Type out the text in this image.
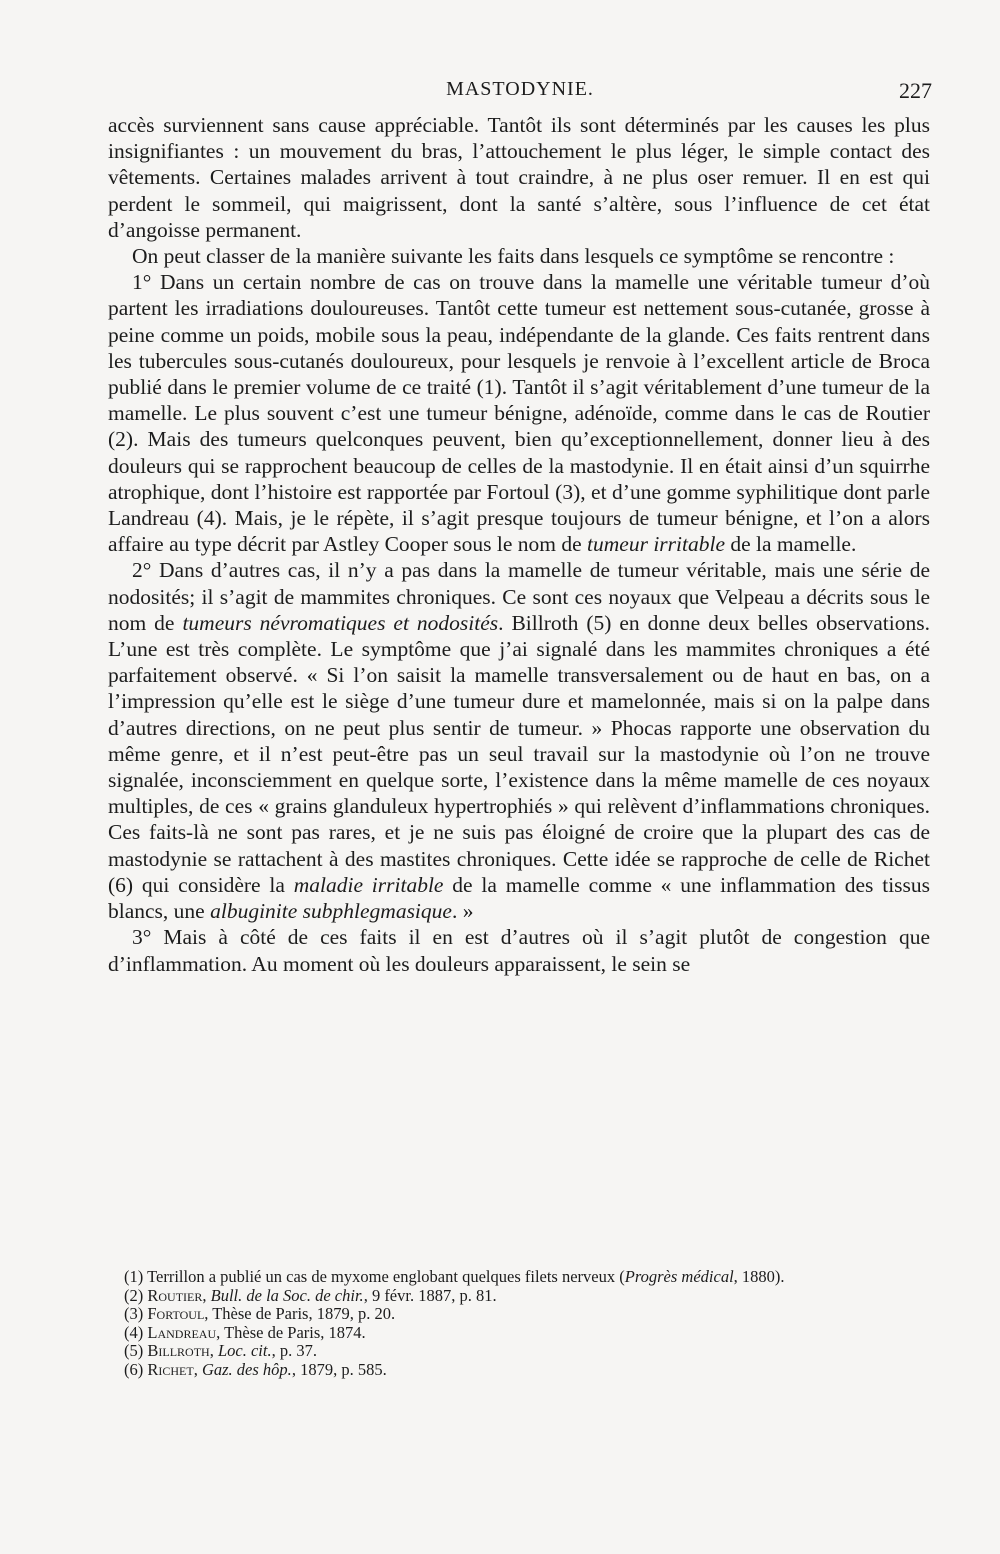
MASTODYNIE.	227

accès surviennent sans cause appréciable. Tantôt ils sont déterminés par les causes les plus insignifiantes : un mouvement du bras, l’attouchement le plus léger, le simple contact des vêtements. Certaines malades arrivent à tout craindre, à ne plus oser remuer. Il en est qui perdent le sommeil, qui maigrissent, dont la santé s’altère, sous l’influence de cet état d’angoisse permanent.

On peut classer de la manière suivante les faits dans lesquels ce symptôme se rencontre :

1° Dans un certain nombre de cas on trouve dans la mamelle une véritable tumeur d’où partent les irradiations douloureuses. Tantôt cette tumeur est nettement sous-cutanée, grosse à peine comme un poids, mobile sous la peau, indépendante de la glande. Ces faits rentrent dans les tubercules sous-cutanés douloureux, pour lesquels je renvoie à l’excellent article de Broca publié dans le premier volume de ce traité (1). Tantôt il s’agit véritablement d’une tumeur de la mamelle. Le plus souvent c’est une tumeur bénigne, adénoïde, comme dans le cas de Routier (2). Mais des tumeurs quelconques peuvent, bien qu’exceptionnellement, donner lieu à des douleurs qui se rapprochent beaucoup de celles de la mastodynie. Il en était ainsi d’un squirrhe atrophique, dont l’histoire est rapportée par Fortoul (3), et d’une gomme syphilitique dont parle Landreau (4). Mais, je le répète, il s’agit presque toujours de tumeur bénigne, et l’on a alors affaire au type décrit par Astley Cooper sous le nom de tumeur irritable de la mamelle.

2° Dans d’autres cas, il n’y a pas dans la mamelle de tumeur véritable, mais une série de nodosités; il s’agit de mammites chroniques. Ce sont ces noyaux que Velpeau a décrits sous le nom de tumeurs névromatiques et nodosités. Billroth (5) en donne deux belles observations. L’une est très complète. Le symptôme que j’ai signalé dans les mammites chroniques a été parfaitement observé. « Si l’on saisit la mamelle transversalement ou de haut en bas, on a l’impression qu’elle est le siège d’une tumeur dure et mamelonnée, mais si on la palpe dans d’autres directions, on ne peut plus sentir de tumeur. » Phocas rapporte une observation du même genre, et il n’est peut-être pas un seul travail sur la mastodynie où l’on ne trouve signalée, inconsciemment en quelque sorte, l’existence dans la même mamelle de ces noyaux multiples, de ces « grains glanduleux hypertrophiés » qui relèvent d’inflammations chroniques. Ces faits-là ne sont pas rares, et je ne suis pas éloigné de croire que la plupart des cas de mastodynie se rattachent à des mastites chroniques. Cette idée se rapproche de celle de Richet (6) qui considère la maladie irritable de la mamelle comme « une inflammation des tissus blancs, une albuginite subphlegmasique. »

3° Mais à côté de ces faits il en est d’autres où il s’agit plutôt de congestion que d’inflammation. Au moment où les douleurs apparaissent, le sein se

(1) Terrillon a publié un cas de myxome englobant quelques filets nerveux (Progrès médical, 1880).

(2) Routier, Bull. de la Soc. de chir., 9 févr. 1887, p. 81.

(3) Fortoul, Thèse de Paris, 1879, p. 20.

(4) Landreau, Thèse de Paris, 1874.

(5) Billroth, Loc. cit., p. 37.

(6) Richet, Gaz. des hôp., 1879, p. 585.
